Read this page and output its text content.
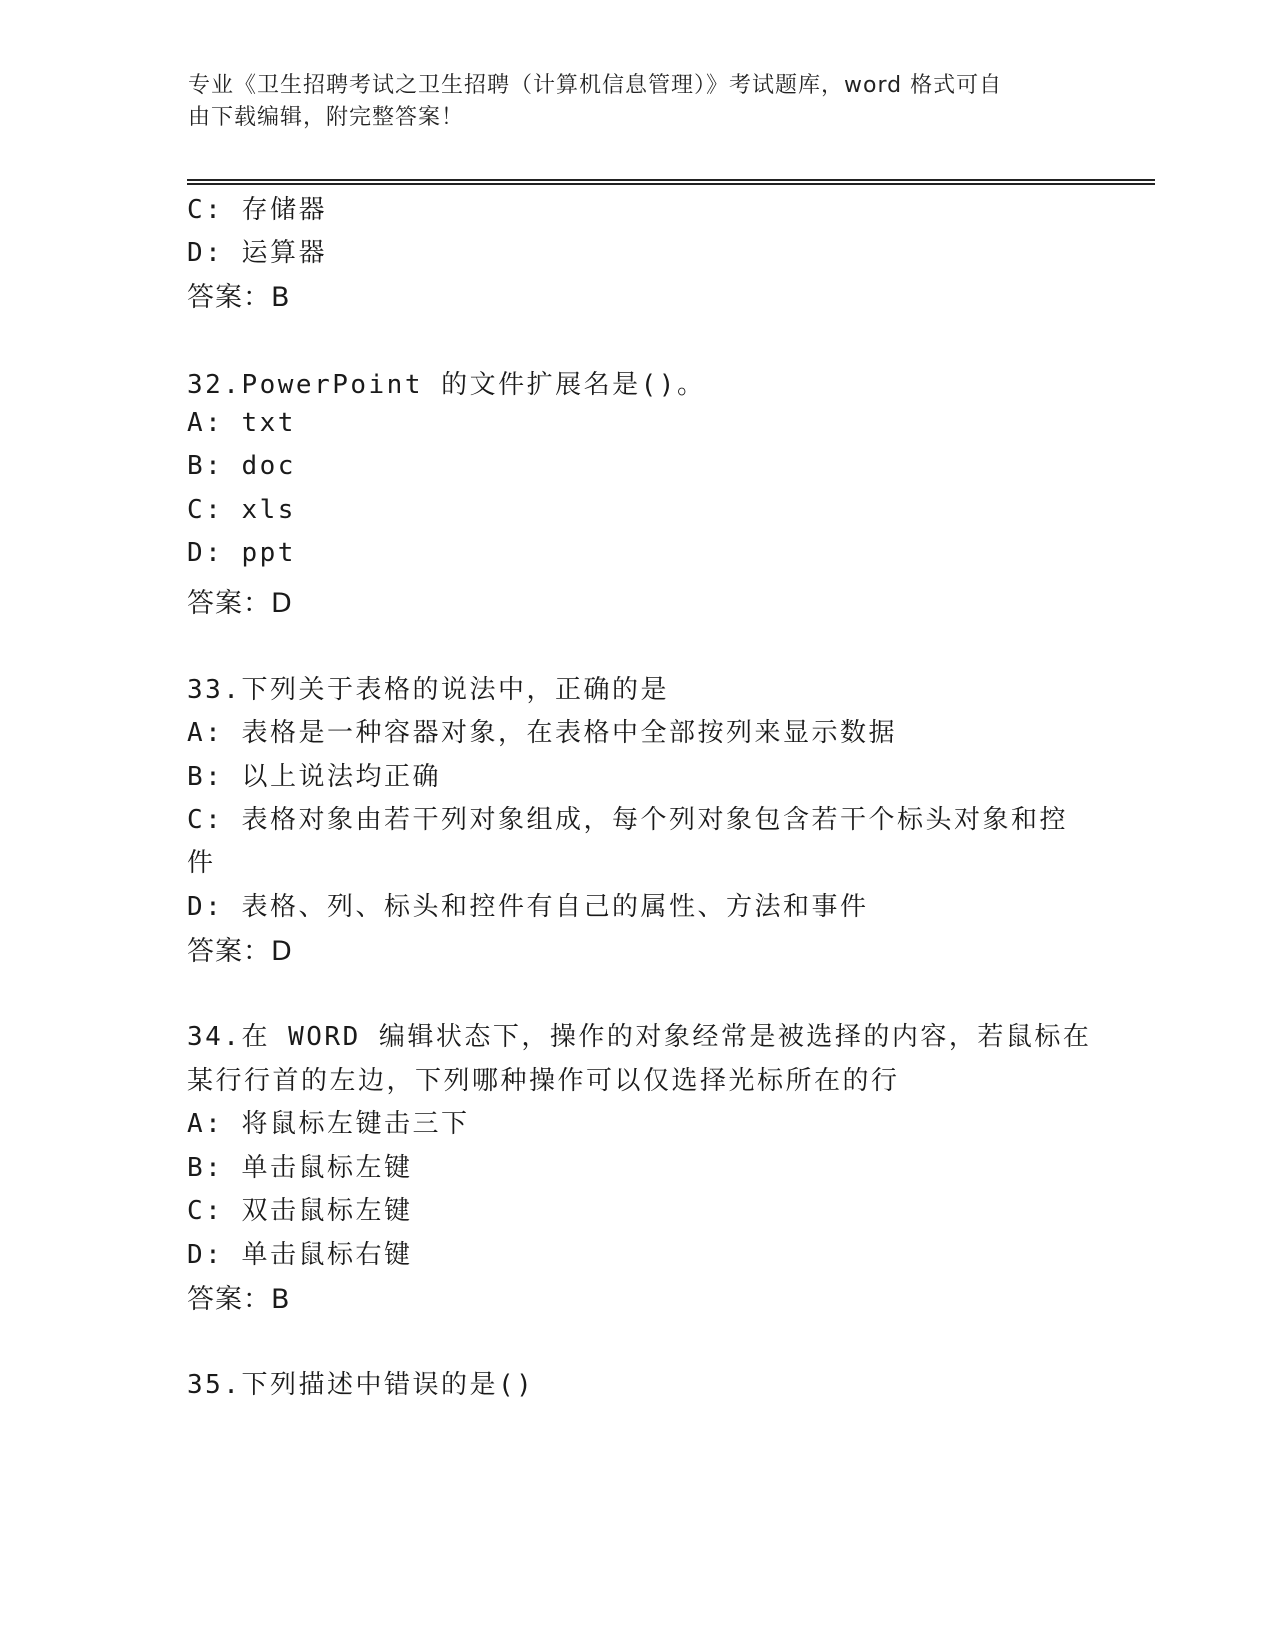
专业《卫生招聘考试之卫生招聘（计算机信息管理）》考试题库，word 格式可自
由下载编辑，附完整答案！
C: 存储器
D: 运算器
答案：B
32.PowerPoint 的文件扩展名是()。
A: txt
B: doc
C: xls
D: ppt
答案：D
33.下列关于表格的说法中，正确的是
A: 表格是一种容器对象，在表格中全部按列来显示数据
B: 以上说法均正确
C: 表格对象由若干列对象组成，每个列对象包含若干个标头对象和控
件
D: 表格、列、标头和控件有自己的属性、方法和事件
答案：D
34.在 WORD 编辑状态下，操作的对象经常是被选择的内容，若鼠标在
某行行首的左边，下列哪种操作可以仅选择光标所在的行
A: 将鼠标左键击三下
B: 单击鼠标左键
C: 双击鼠标左键
D: 单击鼠标右键
答案：B
35.下列描述中错误的是()
